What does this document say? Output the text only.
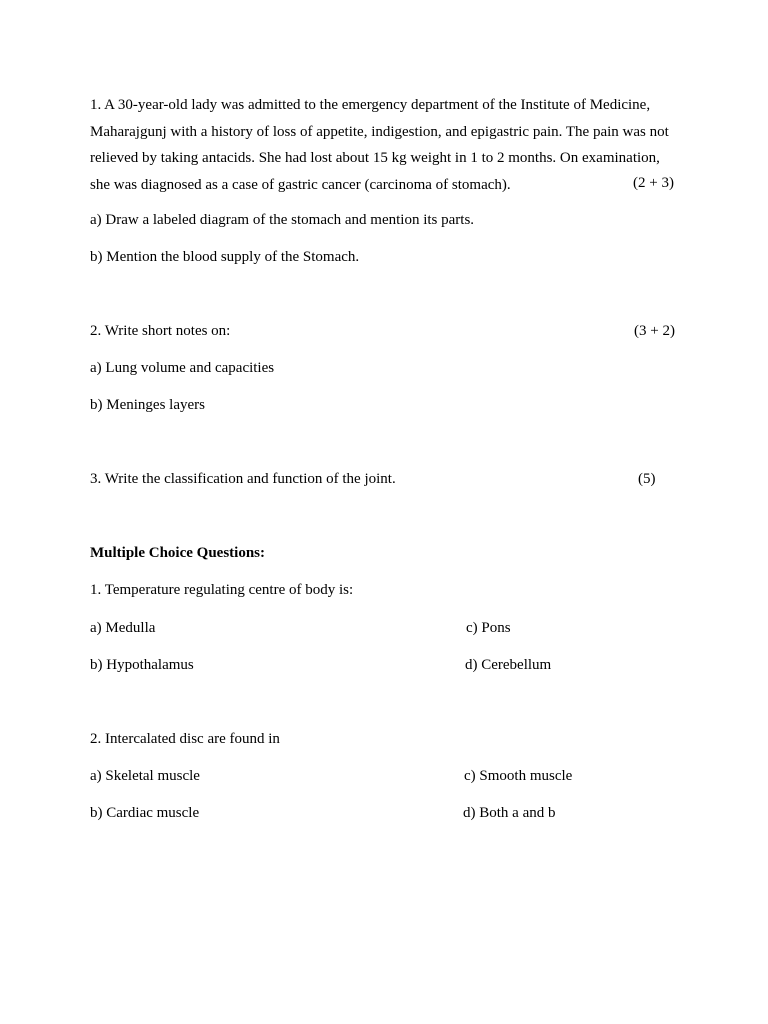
1. A 30-year-old lady was admitted to the emergency department of the Institute of Medicine,
Maharajgunj with a history of loss of appetite, indigestion, and epigastric pain. The pain was not
relieved by taking antacids. She had lost about 15 kg weight in 1 to 2 months. On examination,
she was diagnosed as a case of gastric cancer (carcinoma of stomach).	(2 + 3)
a) Draw a labeled diagram of the stomach and mention its parts.
b) Mention the blood supply of the Stomach.
2. Write short notes on:	(3 + 2)
a) Lung volume and capacities
b) Meninges layers
3. Write the classification and function of the joint.	(5)
Multiple Choice Questions:
1. Temperature regulating centre of body is:
a) Medulla	c) Pons
b) Hypothalamus	d) Cerebellum
2. Intercalated disc are found in
a) Skeletal muscle	c) Smooth muscle
b) Cardiac muscle	d) Both a and b
